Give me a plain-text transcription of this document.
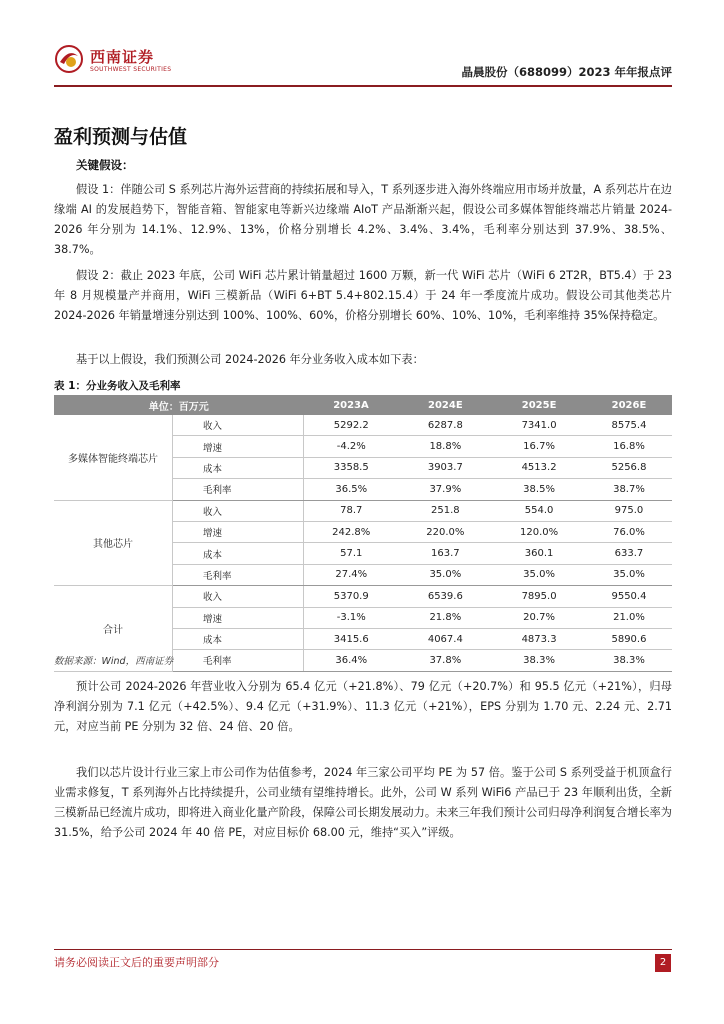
西南证券
SOUTHWEST SECURITIES	晶晨股份（688099）2023 年年报点评
盈利预测与估值
关键假设：

假设 1：伴随公司 S 系列芯片海外运营商的持续拓展和导入，T 系列逐步进入海外终端应用市场并放量，A 系列芯片在边缘端 AI 的发展趋势下，智能音箱、智能家电等新兴边缘端 AIoT 产品渐渐兴起，假设公司多媒体智能终端芯片销量 2024-2026 年分别为 14.1%、12.9%、13%，价格分别增长 4.2%、3.4%、3.4%，毛利率分别达到 37.9%、38.5%、38.7%。

假设 2：截止 2023 年底，公司 WiFi 芯片累计销量超过 1600 万颗，新一代 WiFi 芯片（WiFi 6 2T2R，BT5.4）于 23 年 8 月规模量产并商用，WiFi 三模新品（WiFi 6+BT 5.4+802.15.4）于 24 年一季度流片成功。假设公司其他类芯片 2024-2026 年销量增速分别达到 100%、100%、60%，价格分别增长 60%、10%、10%，毛利率维持 35%保持稳定。

基于以上假设，我们预测公司 2024-2026 年分业务收入成本如下表：

表 1：分业务收入及毛利率
单位：百万元		2023A	2024E	2025E	2026E
多媒体智能终端芯片	收入	5292.2	6287.8	7341.0	8575.4
	增速	-4.2%	18.8%	16.7%	16.8%
	成本	3358.5	3903.7	4513.2	5256.8
	毛利率	36.5%	37.9%	38.5%	38.7%
其他芯片	收入	78.7	251.8	554.0	975.0
	增速	242.8%	220.0%	120.0%	76.0%
	成本	57.1	163.7	360.1	633.7
	毛利率	27.4%	35.0%	35.0%	35.0%
合计	收入	5370.9	6539.6	7895.0	9550.4
	增速	-3.1%	21.8%	20.7%	21.0%
	成本	3415.6	4067.4	4873.3	5890.6
	毛利率	36.4%	37.8%	38.3%	38.3%
数据来源：Wind，西南证券

预计公司 2024-2026 年营业收入分别为 65.4 亿元（+21.8%）、79 亿元（+20.7%）和 95.5 亿元（+21%），归母净利润分别为 7.1 亿元（+42.5%）、9.4 亿元（+31.9%）、11.3 亿元（+21%），EPS 分别为 1.70 元、2.24 元、2.71 元，对应当前 PE 分别为 32 倍、24 倍、20 倍。

我们以芯片设计行业三家上市公司作为估值参考，2024 年三家公司平均 PE 为 57 倍。鉴于公司 S 系列受益于机顶盒行业需求修复，T 系列海外占比持续提升，公司业绩有望维持增长。此外，公司 W 系列 WiFi6 产品已于 23 年顺利出货，全新三模新品已经流片成功，即将进入商业化量产阶段，保障公司长期发展动力。未来三年我们预计公司归母净利润复合增长率为 31.5%，给予公司 2024 年 40 倍 PE，对应目标价 68.00 元，维持“买入”评级。

请务必阅读正文后的重要声明部分	2
